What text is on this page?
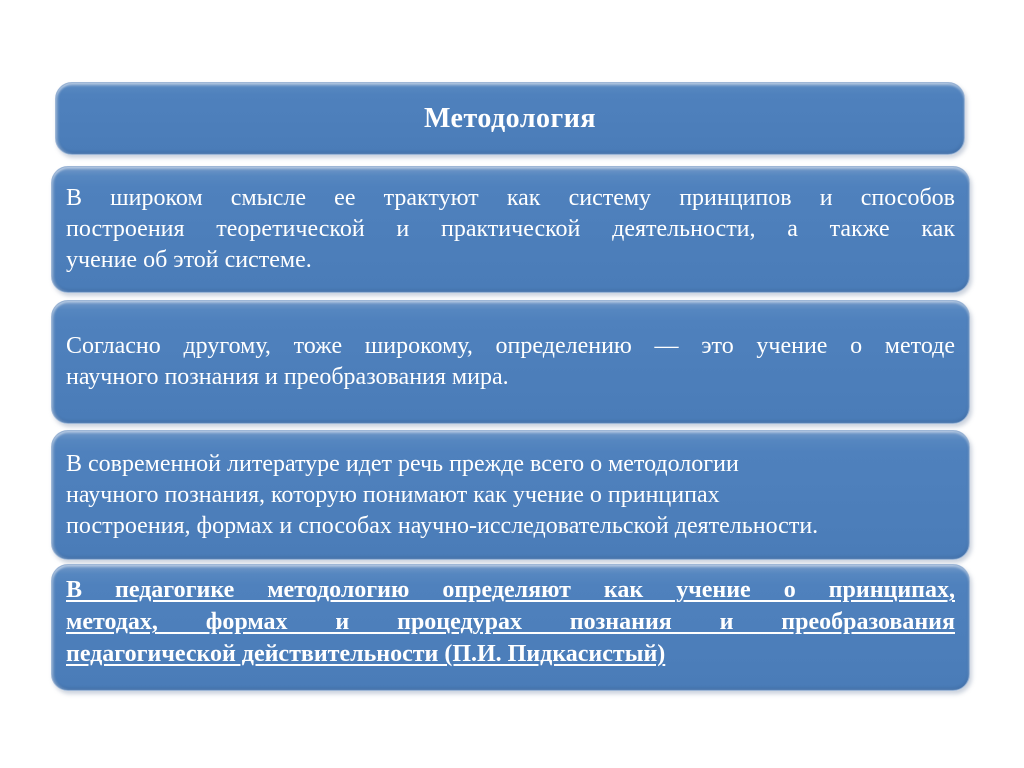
Методология
В широком смысле ее трактуют как систему принципов и способов
построения теоретической и практической деятельности, а также как
учение об этой системе.
Согласно другому, тоже широкому, определению — это учение о методе
научного познания и преобразования мира.
В современной литературе идет речь прежде всего о методологии
научного познания, которую понимают как учение о принципах
построения, формах и способах научно-исследовательской деятельности.
В педагогике методологию определяют как учение о принципах,
методах, формах и процедурах познания и преобразования
педагогической действительности (П.И. Пидкасистый)
